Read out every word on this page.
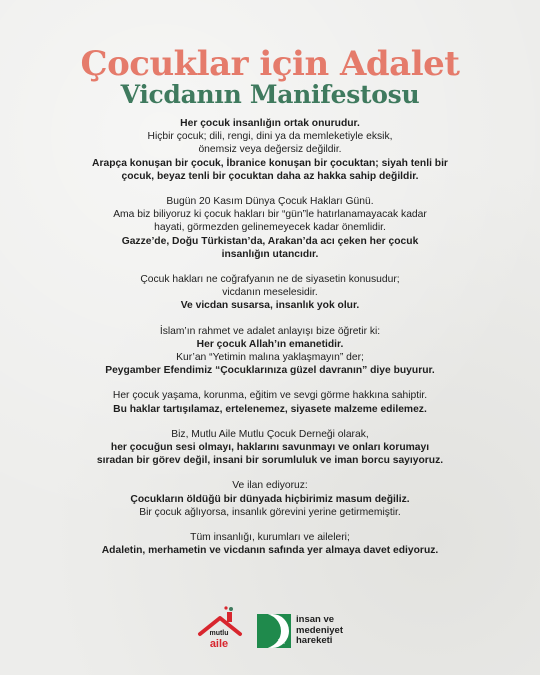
Çocuklar için Adalet
Vicdanın Manifestosu
Her çocuk insanlığın ortak onurudur.
Hiçbir çocuk; dili, rengi, dini ya da memleketiyle eksik,
önemsiz veya değersiz değildir.
Arapça konuşan bir çocuk, İbranice konuşan bir çocuktan; siyah tenli bir
çocuk, beyaz tenli bir çocuktan daha az hakka sahip değildir.
Bugün 20 Kasım Dünya Çocuk Hakları Günü.
Ama biz biliyoruz ki çocuk hakları bir “gün”le hatırlanamayacak kadar
hayati, görmezden gelinemeyecek kadar önemlidir.
Gazze’de, Doğu Türkistan’da, Arakan’da acı çeken her çocuk
insanlığın utancıdır.
Çocuk hakları ne coğrafyanın ne de siyasetin konusudur;
vicdanın meselesidir.
Ve vicdan susarsa, insanlık yok olur.
İslam’ın rahmet ve adalet anlayışı bize öğretir ki:
Her çocuk Allah’ın emanetidir.
Kur’an “Yetimin malına yaklaşmayın” der;
Peygamber Efendimiz “Çocuklarınıza güzel davranın” diye buyurur.
Her çocuk yaşama, korunma, eğitim ve sevgi görme hakkına sahiptir.
Bu haklar tartışılamaz, ertelenemez, siyasete malzeme edilemez.
Biz, Mutlu Aile Mutlu Çocuk Derneği olarak,
her çocuğun sesi olmayı, haklarını savunmayı ve onları korumayı
sıradan bir görev değil, insani bir sorumluluk ve iman borcu sayıyoruz.
Ve ilan ediyoruz:
Çocukların öldüğü bir dünyada hiçbirimiz masum değiliz.
Bir çocuk ağlıyorsa, insanlık görevini yerine getirmemiştir.
Tüm insanlığı, kurumları ve aileleri;
Adaletin, merhametin ve vicdanın safında yer almaya davet ediyoruz.
mutlu
aile
insan ve
medeniyet
hareketi
